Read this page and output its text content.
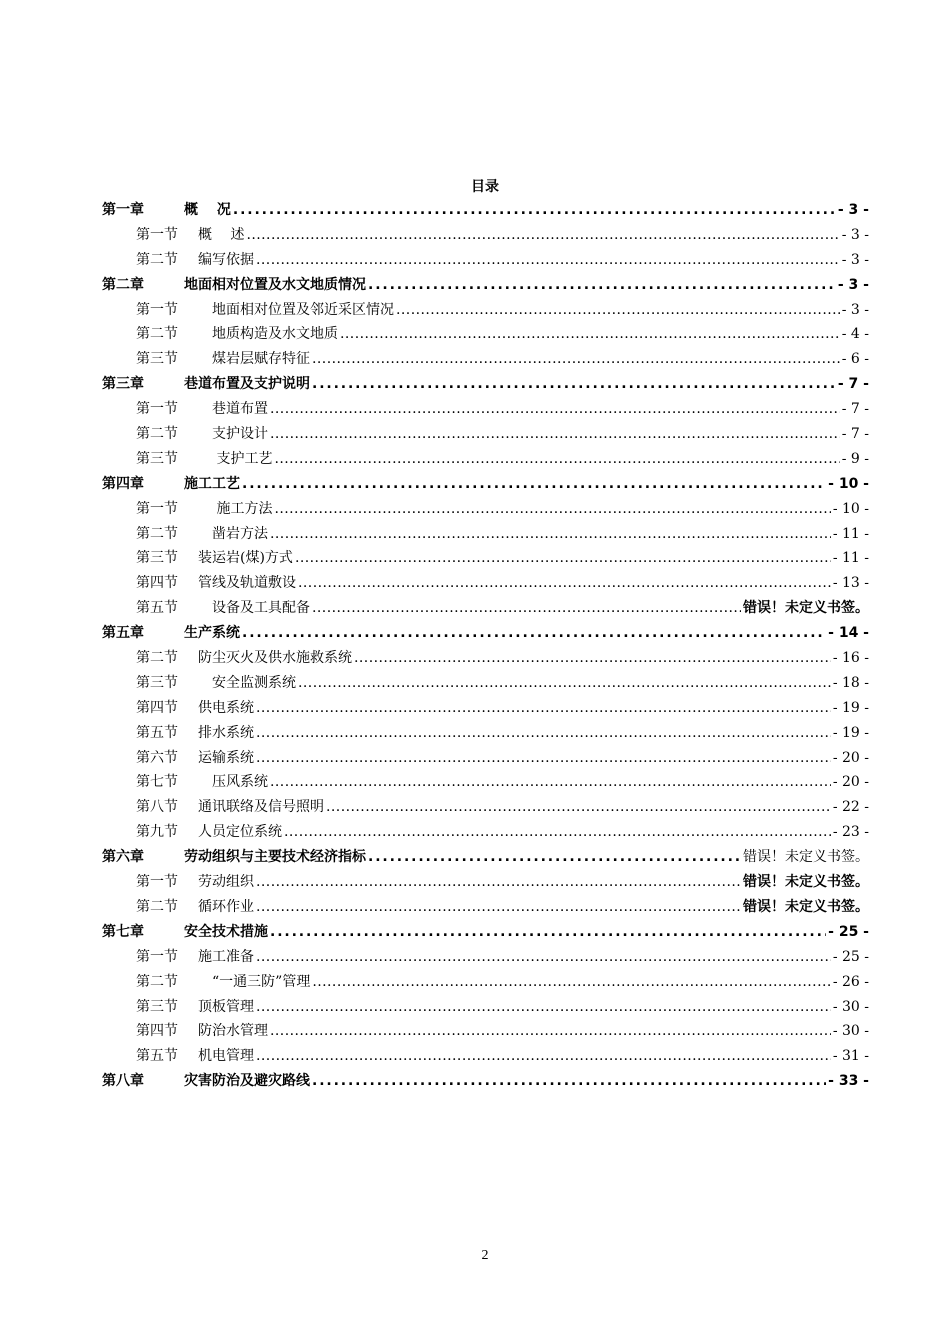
目录
第一章	概　 况 . . .	- 3 -
第一节 概　 述 . . .	- 3 -
第二节 编写依据 . . .	- 3 -
第二章	地面相对位置及水文地质情况 . . .	- 3 -
第一节　地面相对位置及邻近采区情况 . . .	- 3 -
第二节　地质构造及水文地质 . . .	- 4 -
第三节　煤岩层赋存特征 . . .	- 6 -
第三章	巷道布置及支护说明 . . .	- 7 -
第一节　巷道布置 . . .	- 7 -
第二节　支护设计 . . .	- 7 -
第三节　 支护工艺 . . .	- 9 -
第四章	施工工艺 . . .	- 10 -
第一节　 施工方法 . . .	- 10 -
第二节　凿岩方法 . . .	- 11 -
第三节 装运岩(煤)方式 . . .	- 11 -
第四节 管线及轨道敷设 . . .	- 13 -
第五节　设备及工具配备 . . .	错误！未定义书签。
第五章	生产系统 . . .	- 14 -
第二节 防尘灭火及供水施救系统 . . .	- 16 -
第三节　安全监测系统 . . .	- 18 -
第四节 供电系统 . . .	- 19 -
第五节 排水系统 . . .	- 19 -
第六节 运输系统 . . .	- 20 -
第七节　压风系统 . . .	- 20 -
第八节 通讯联络及信号照明 . . .	- 22 -
第九节 人员定位系统 . . .	- 23 -
第六章	劳动组织与主要技术经济指标 . . .	错误！未定义书签。
第一节 劳动组织 . . .	错误！未定义书签。
第二节 循环作业 . . .	错误！未定义书签。
第七章	安全技术措施 . . .	- 25 -
第一节 施工准备 . . .	- 25 -
第二节　“一通三防”管理 . . .	- 26 -
第三节 顶板管理 . . .	- 30 -
第四节 防治水管理 . . .	- 30 -
第五节 机电管理 . . .	- 31 -
第八章	灾害防治及避灾路线 . . .	- 33 -
2
